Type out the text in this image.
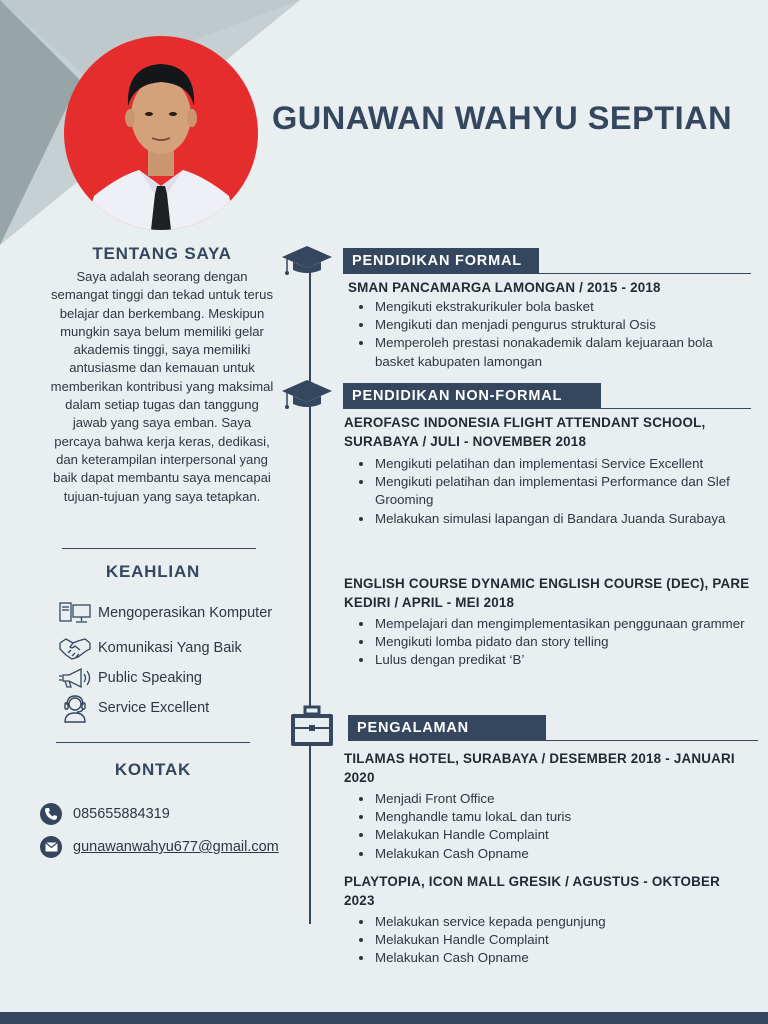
GUNAWAN WAHYU SEPTIAN
TENTANG SAYA
Saya adalah seorang dengan semangat tinggi dan tekad untuk terus belajar dan berkembang. Meskipun mungkin saya belum memiliki gelar akademis tinggi, saya memiliki antusiasme dan kemauan untuk memberikan kontribusi yang maksimal dalam setiap tugas dan tanggung jawab yang saya emban. Saya percaya bahwa kerja keras, dedikasi, dan keterampilan interpersonal yang baik dapat membantu saya mencapai tujuan-tujuan yang saya tetapkan.
KEAHLIAN
Mengoperasikan Komputer
Komunikasi Yang Baik
Public Speaking
Service Excellent
KONTAK
085655884319
gunawanwahyu677@gmail.com
PENDIDIKAN FORMAL
SMAN PANCAMARGA LAMONGAN / 2015 - 2018
Mengikuti ekstrakurikuler bola basket
Mengikuti dan menjadi pengurus struktural Osis
Memperoleh prestasi nonakademik dalam kejuaraan bola basket kabupaten lamongan
PENDIDIKAN NON-FORMAL
AEROFASC INDONESIA FLIGHT ATTENDANT SCHOOL, SURABAYA / JULI - NOVEMBER 2018
Mengikuti pelatihan dan implementasi Service Excellent
Mengikuti pelatihan dan implementasi Performance dan Slef Grooming
Melakukan simulasi lapangan di Bandara Juanda Surabaya
ENGLISH COURSE DYNAMIC ENGLISH COURSE (DEC), PARE KEDIRI / APRIL - MEI 2018
Mempelajari dan mengimplementasikan penggunaan grammer
Mengikuti lomba pidato dan story telling
Lulus dengan predikat ‘B’
PENGALAMAN
TILAMAS HOTEL, SURABAYA / DESEMBER 2018 - JANUARI 2020
Menjadi Front Office
Menghandle tamu lokaL dan turis
Melakukan Handle Complaint
Melakukan Cash Opname
PLAYTOPIA, ICON MALL GRESIK / AGUSTUS - OKTOBER 2023
Melakukan service kepada pengunjung
Melakukan Handle Complaint
Melakukan Cash Opname
